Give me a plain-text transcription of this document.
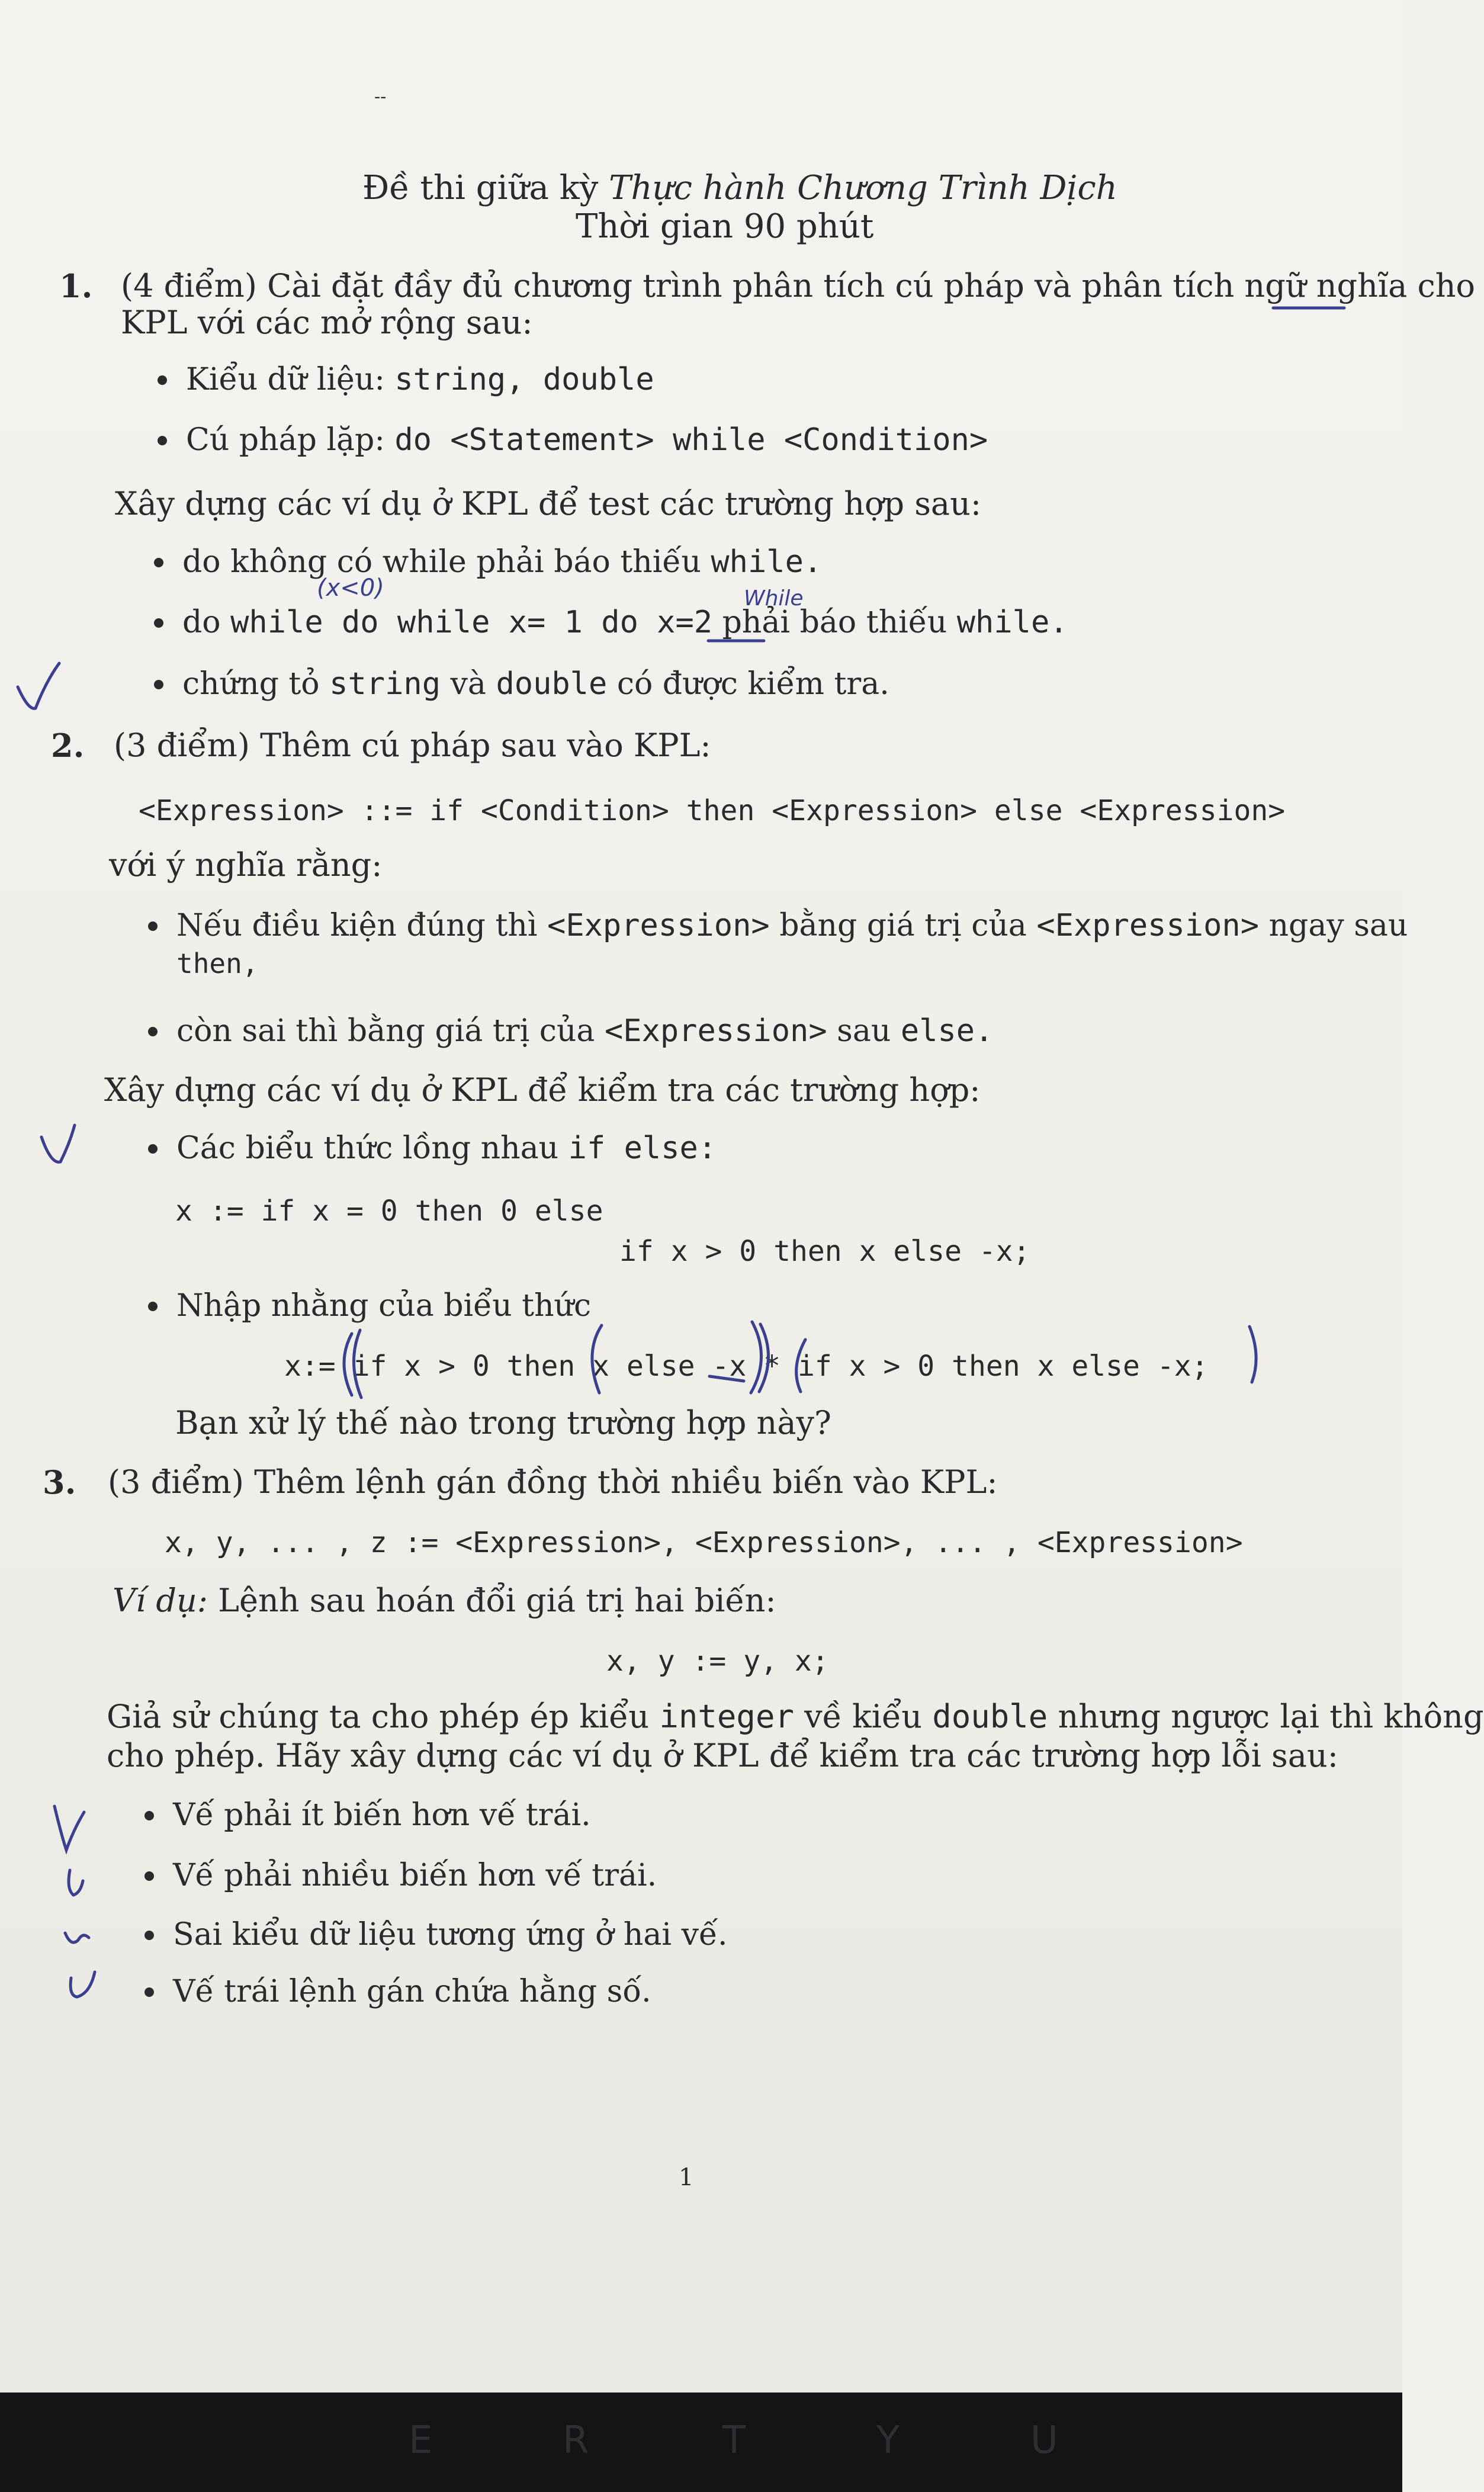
--
Đề thi giữa kỳ Thực hành Chương Trình Dịch
Thời gian 90 phút
1. (4 điểm) Cài đặt đầy đủ chương trình phân tích cú pháp và phân tích ngữ nghĩa cho
KPL với các mở rộng sau:
Kiểu dữ liệu: string, double
Cú pháp lặp: do <Statement> while <Condition>
Xây dựng các ví dụ ở KPL để test các trường hợp sau:
do không có while phải báo thiếu while.
do while do while x= 1 do x=2 phải báo thiếu while.
chứng tỏ string và double có được kiểm tra.
2. (3 điểm) Thêm cú pháp sau vào KPL:
<Expression> ::= if <Condition> then <Expression> else <Expression>
với ý nghĩa rằng:
Nếu điều kiện đúng thì <Expression> bằng giá trị của <Expression> ngay sau
then,
còn sai thì bằng giá trị của <Expression> sau else.
Xây dựng các ví dụ ở KPL để kiểm tra các trường hợp:
Các biểu thức lồng nhau if else:
x := if x = 0 then 0 else
if x > 0 then x else -x;
Nhập nhằng của biểu thức
x:= if x > 0 then x else -x * if x > 0 then x else -x;
Bạn xử lý thế nào trong trường hợp này?
3. (3 điểm) Thêm lệnh gán đồng thời nhiều biến vào KPL:
x, y, ... , z := <Expression>, <Expression>, ... , <Expression>
Ví dụ: Lệnh sau hoán đổi giá trị hai biến:
x, y := y, x;
Giả sử chúng ta cho phép ép kiểu integer về kiểu double nhưng ngược lại thì không
cho phép. Hãy xây dựng các ví dụ ở KPL để kiểm tra các trường hợp lỗi sau:
Vế phải ít biến hơn vế trái.
Vế phải nhiều biến hơn vế trái.
Sai kiểu dữ liệu tương ứng ở hai vế.
Vế trái lệnh gán chứa hằng số.
1
(x<0)	While
E	R	T	Y	U
